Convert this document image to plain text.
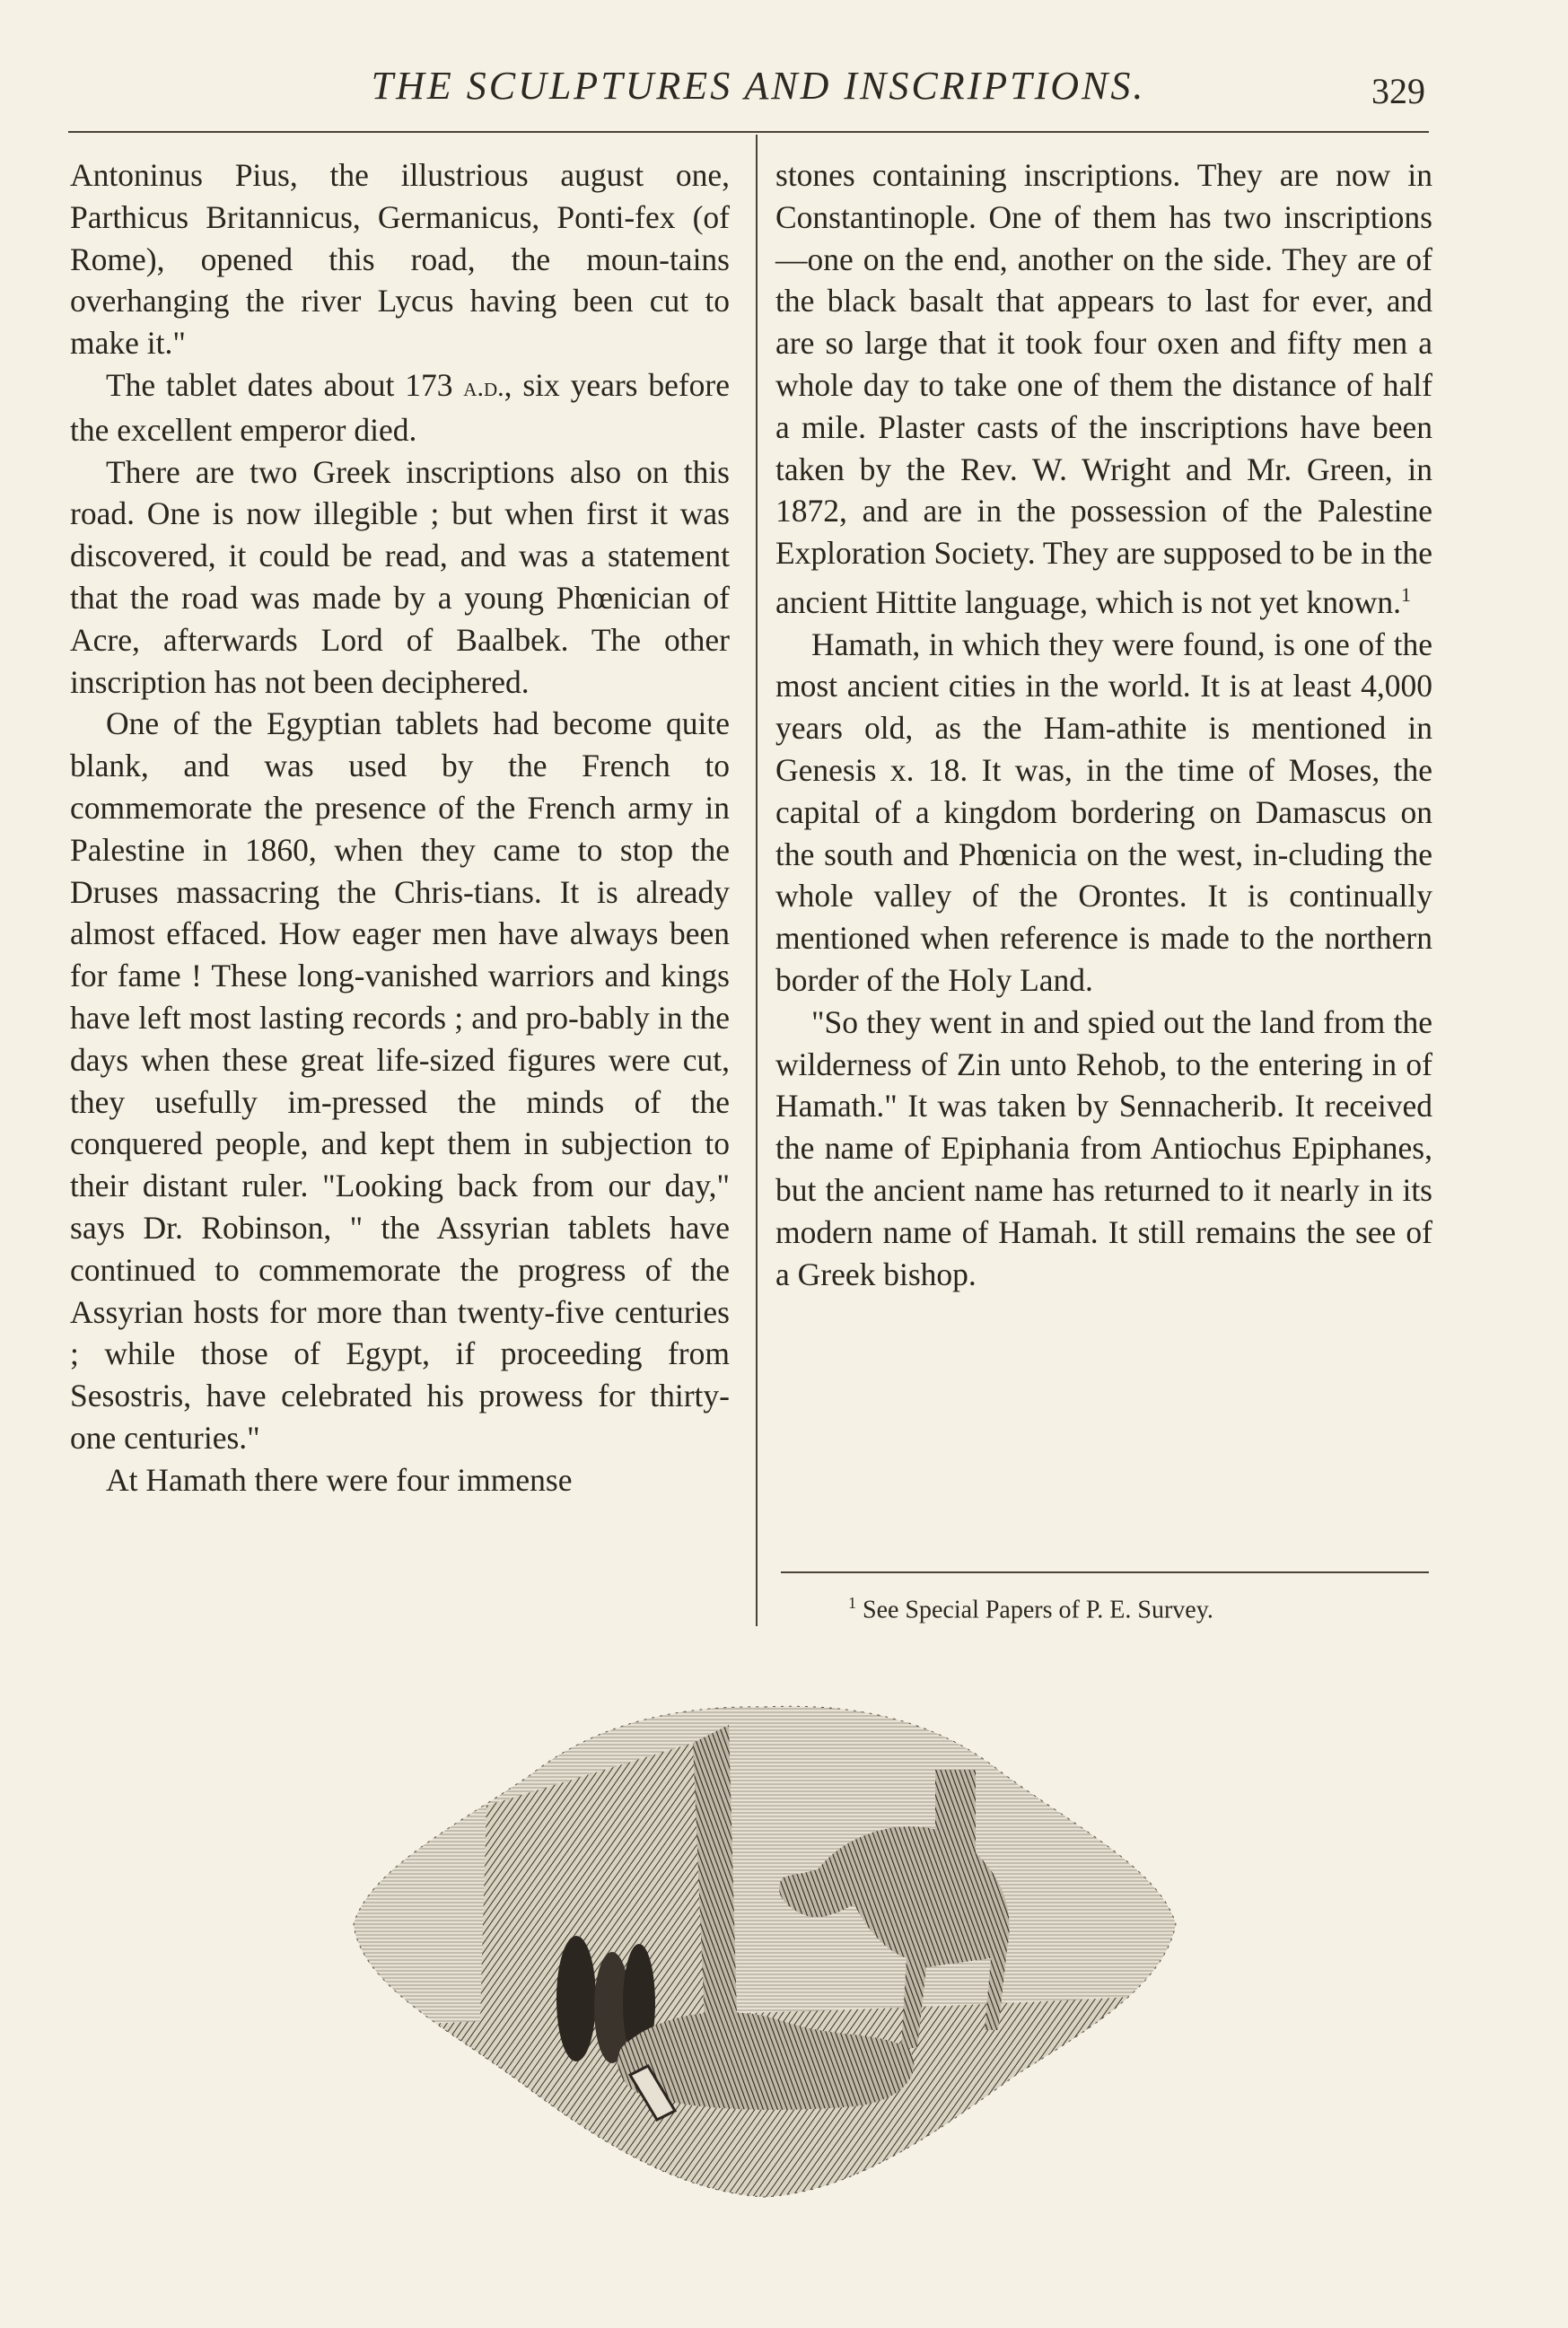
THE SCULPTURES AND INSCRIPTIONS.	329

Antoninus Pius, the illustrious august one, Parthicus Britannicus, Germanicus, Ponti-fex (of Rome), opened this road, the moun-tains overhanging the river Lycus having been cut to make it."

The tablet dates about 173 a.d., six years before the excellent emperor died.

There are two Greek inscriptions also on this road. One is now illegible ; but when first it was discovered, it could be read, and was a statement that the road was made by a young Phœnician of Acre, afterwards Lord of Baalbek. The other inscription has not been deciphered.

One of the Egyptian tablets had become quite blank, and was used by the French to commemorate the presence of the French army in Palestine in 1860, when they came to stop the Druses massacring the Chris-tians. It is already almost effaced. How eager men have always been for fame ! These long-vanished warriors and kings have left most lasting records ; and pro-bably in the days when these great life-sized figures were cut, they usefully im-pressed the minds of the conquered people, and kept them in subjection to their distant ruler. "Looking back from our day," says Dr. Robinson, " the Assyrian tablets have continued to commemorate the progress of the Assyrian hosts for more than twenty-five centuries ; while those of Egypt, if proceeding from Sesostris, have celebrated his prowess for thirty-one centuries."

At Hamath there were four immense

stones containing inscriptions. They are now in Constantinople. One of them has two inscriptions—one on the end, another on the side. They are of the black basalt that appears to last for ever, and are so large that it took four oxen and fifty men a whole day to take one of them the distance of half a mile. Plaster casts of the inscriptions have been taken by the Rev. W. Wright and Mr. Green, in 1872, and are in the possession of the Palestine Exploration Society. They are supposed to be in the ancient Hittite language, which is not yet known.$^1$

Hamath, in which they were found, is one of the most ancient cities in the world. It is at least 4,000 years old, as the Ham-athite is mentioned in Genesis x. 18. It was, in the time of Moses, the capital of a kingdom bordering on Damascus on the south and Phœnicia on the west, in-cluding the whole valley of the Orontes. It is continually mentioned when reference is made to the northern border of the Holy Land.

"So they went in and spied out the land from the wilderness of Zin unto Rehob, to the entering in of Hamath." It was taken by Sennacherib. It received the name of Epiphania from Antiochus Epiphanes, but the ancient name has returned to it nearly in its modern name of Hamah. It still remains the see of a Greek bishop.

$^1$ See Special Papers of P. E. Survey.
